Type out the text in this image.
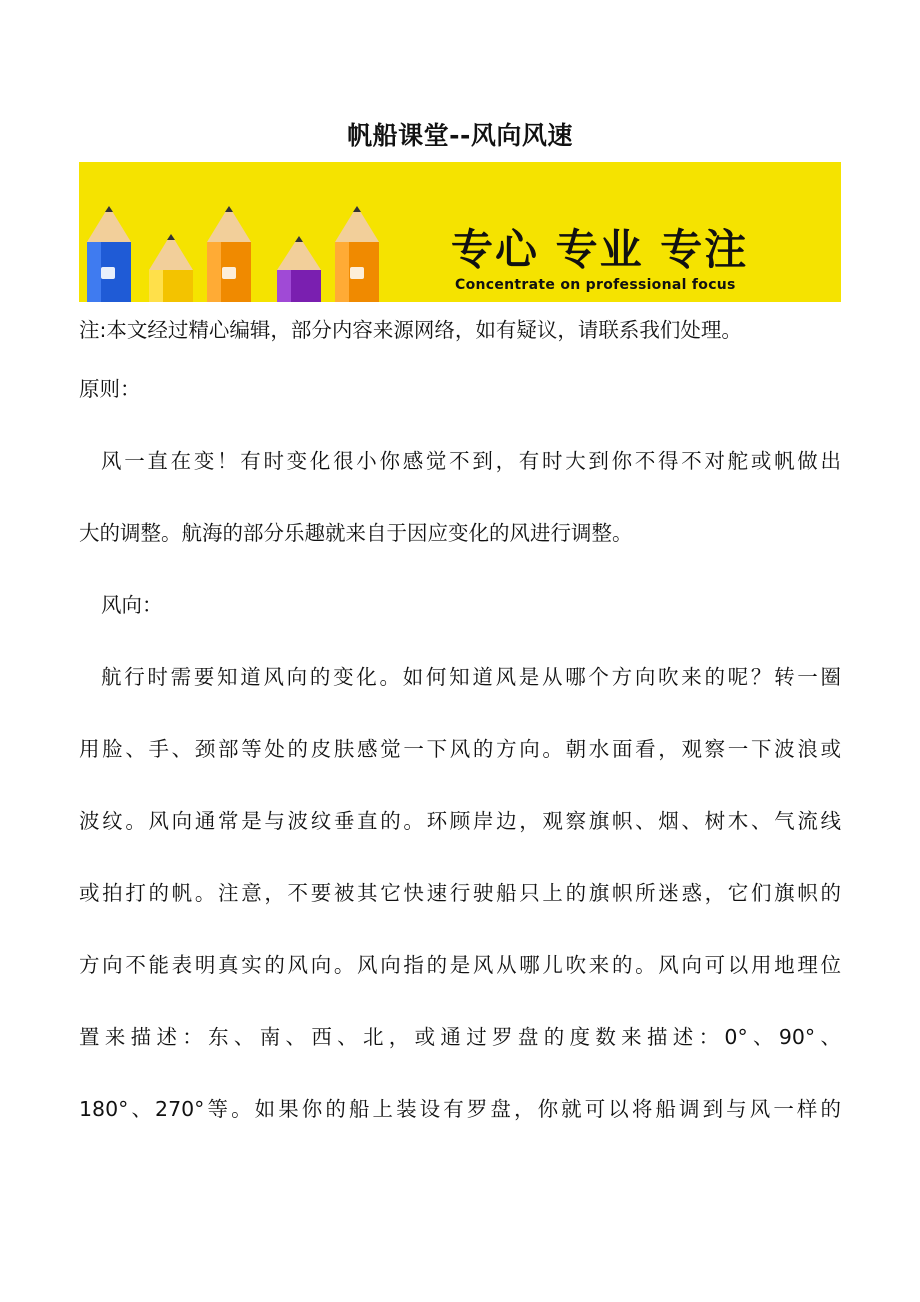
帆船课堂--风向风速
专心 专业 专注
Concentrate on professional focus
注:本文经过精心编辑，部分内容来源网络，如有疑议，请联系我们处理。
原则：
风一直在变！有时变化很小你感觉不到，有时大到你不得不对舵或帆做出
大的调整。航海的部分乐趣就来自于因应变化的风进行调整。
风向：
航行时需要知道风向的变化。如何知道风是从哪个方向吹来的呢？转一圈
用脸、手、颈部等处的皮肤感觉一下风的方向。朝水面看，观察一下波浪或
波纹。风向通常是与波纹垂直的。环顾岸边，观察旗帜、烟、树木、气流线
或拍打的帆。注意，不要被其它快速行驶船只上的旗帜所迷惑，它们旗帜的
方向不能表明真实的风向。风向指的是风从哪儿吹来的。风向可以用地理位
置来描述：东、南、西、北，或通过罗盘的度数来描述：0°、90°、
180°、270°等。如果你的船上装设有罗盘，你就可以将船调到与风一样的
